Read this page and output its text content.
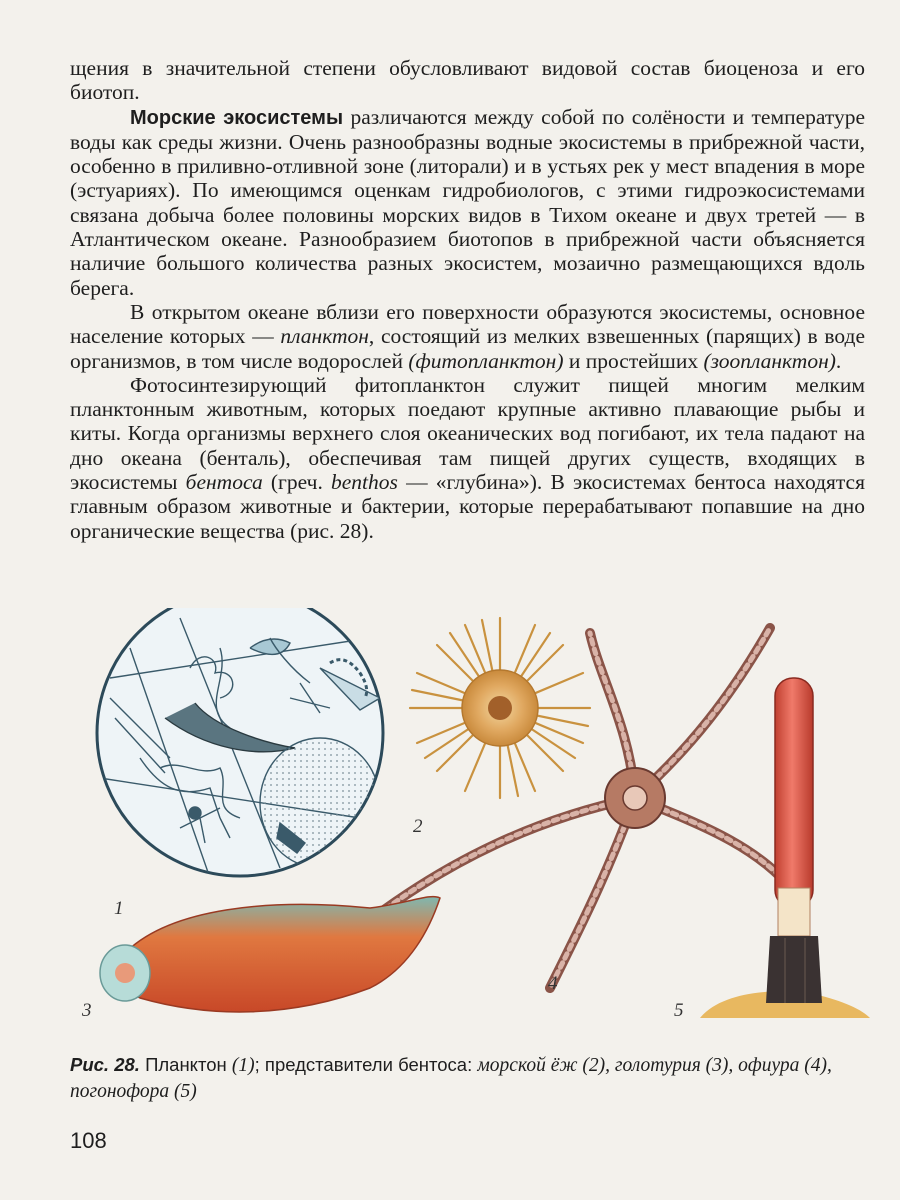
щения в значительной степени обусловливают видовой состав биоценоза и его биотоп.

Морские экосистемы различаются между собой по солёности и температуре воды как среды жизни. Очень разнообразны водные экосистемы в прибрежной части, особенно в приливно-отливной зоне (литорали) и в устьях рек у мест впадения в море (эстуариях). По имеющимся оценкам гидробиологов, с этими гидроэкосистемами связана добыча более половины морских видов в Тихом океане и двух третей — в Атлантическом океане. Разнообразием биотопов в прибрежной части объясняется наличие большого количества разных экосистем, мозаично размещающихся вдоль берега.

В открытом океане вблизи его поверхности образуются экосистемы, основное население которых — планктон, состоящий из мелких взвешенных (парящих) в воде организмов, в том числе водорослей (фитопланктон) и простейших (зоопланктон).

Фотосинтезирующий фитопланктон служит пищей многим мелким планктонным животным, которых поедают крупные активно плавающие рыбы и киты. Когда организмы верхнего слоя океанических вод погибают, их тела падают на дно океана (бенталь), обеспечивая там пищей других существ, входящих в экосистемы бентоса (греч. benthos — «глубина»). В экосистемах бентоса находятся главным образом животные и бактерии, которые перерабатывают попавшие на дно органические вещества (рис. 28).

1
2
3
4
5
Рис. 28. Планктон (1); представители бентоса: морской ёж (2), голотурия (3), офиура (4), погонофора (5)
108
